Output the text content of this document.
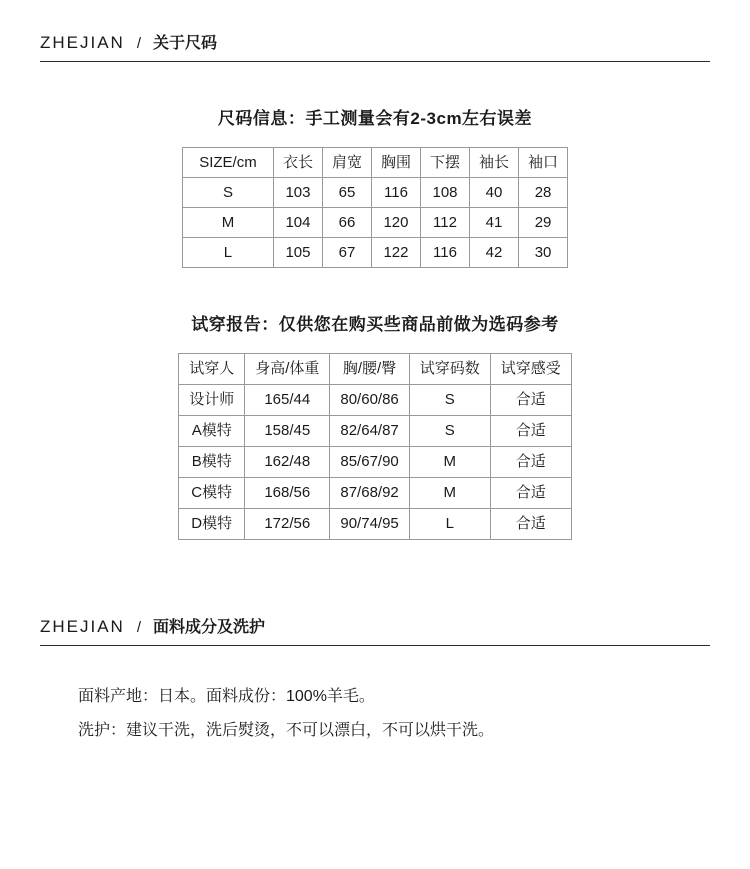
ZHEJIAN / 关于尺码
尺码信息：手工测量会有2-3cm左右误差
SIZE/cm	衣长	肩宽	胸围	下摆	袖长	袖口
S	103	65	116	108	40	28
M	104	66	120	112	41	29
L	105	67	122	116	42	30
试穿报告：仅供您在购买些商品前做为选码参考
试穿人	身高/体重	胸/腰/臀	试穿码数	试穿感受
设计师	165/44	80/60/86	S	合适
A模特	158/45	82/64/87	S	合适
B模特	162/48	85/67/90	M	合适
C模特	168/56	87/68/92	M	合适
D模特	172/56	90/74/95	L	合适
ZHEJIAN / 面料成分及洗护
面料产地：日本。面料成份：100%羊毛。
洗护：建议干洗，洗后熨烫，不可以漂白，不可以烘干洗。
